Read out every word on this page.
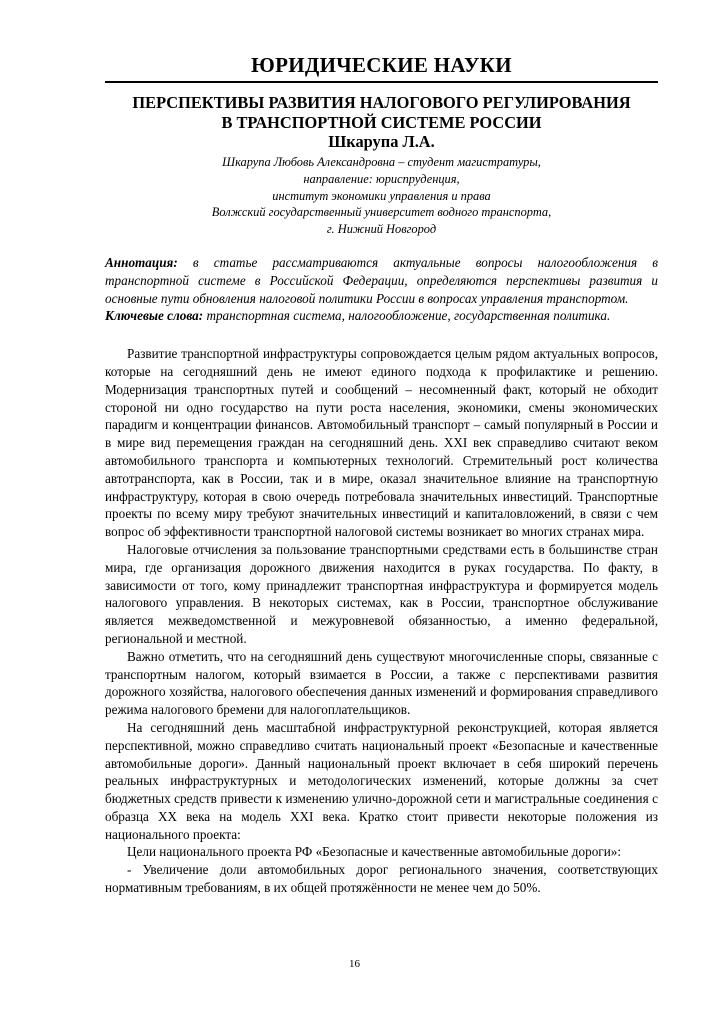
ЮРИДИЧЕСКИЕ НАУКИ
ПЕРСПЕКТИВЫ РАЗВИТИЯ НАЛОГОВОГО РЕГУЛИРОВАНИЯ
В ТРАНСПОРТНОЙ СИСТЕМЕ РОССИИ
Шкарупа Л.А.
Шкарупа Любовь Александровна – студент магистратуры,
направление: юриспруденция,
институт экономики управления и права
Волжский государственный университет водного транспорта,
г. Нижний Новгород
Аннотация: в статье рассматриваются актуальные вопросы налогообложения в транспортной системе в Российской Федерации, определяются перспективы развития и основные пути обновления налоговой политики России в вопросах управления транспортом.
Ключевые слова: транспортная система, налогообложение, государственная политика.

Развитие транспортной инфраструктуры сопровождается целым рядом актуальных вопросов, которые на сегодняшний день не имеют единого подхода к профилактике и решению. Модернизация транспортных путей и сообщений – несомненный факт, который не обходит стороной ни одно государство на пути роста населения, экономики, смены экономических парадигм и концентрации финансов. Автомобильный транспорт – самый популярный в России и в мире вид перемещения граждан на сегодняшний день. XXI век справедливо считают веком автомобильного транспорта и компьютерных технологий. Стремительный рост количества автотранспорта, как в России, так и в мире, оказал значительное влияние на транспортную инфраструктуру, которая в свою очередь потребовала значительных инвестиций. Транспортные проекты по всему миру требуют значительных инвестиций и капиталовложений, в связи с чем вопрос об эффективности транспортной налоговой системы возникает во многих странах мира.

Налоговые отчисления за пользование транспортными средствами есть в большинстве стран мира, где организация дорожного движения находится в руках государства. По факту, в зависимости от того, кому принадлежит транспортная инфраструктура и формируется модель налогового управления. В некоторых системах, как в России, транспортное обслуживание является межведомственной и межуровневой обязанностью, а именно федеральной, региональной и местной.

Важно отметить, что на сегодняшний день существуют многочисленные споры, связанные с транспортным налогом, который взимается в России, а также с перспективами развития дорожного хозяйства, налогового обеспечения данных изменений и формирования справедливого режима налогового бремени для налогоплательщиков.

На сегодняшний день масштабной инфраструктурной реконструкцией, которая является перспективной, можно справедливо считать национальный проект «Безопасные и качественные автомобильные дороги». Данный национальный проект включает в себя широкий перечень реальных инфраструктурных и методологических изменений, которые должны за счет бюджетных средств привести к изменению улично-дорожной сети и магистральные соединения с образца XX века на модель XXI века. Кратко стоит привести некоторые положения из национального проекта:

Цели национального проекта РФ «Безопасные и качественные автомобильные дороги»:

- Увеличение доли автомобильных дорог регионального значения, соответствующих нормативным требованиям, в их общей протяжённости не менее чем до 50%.

16
